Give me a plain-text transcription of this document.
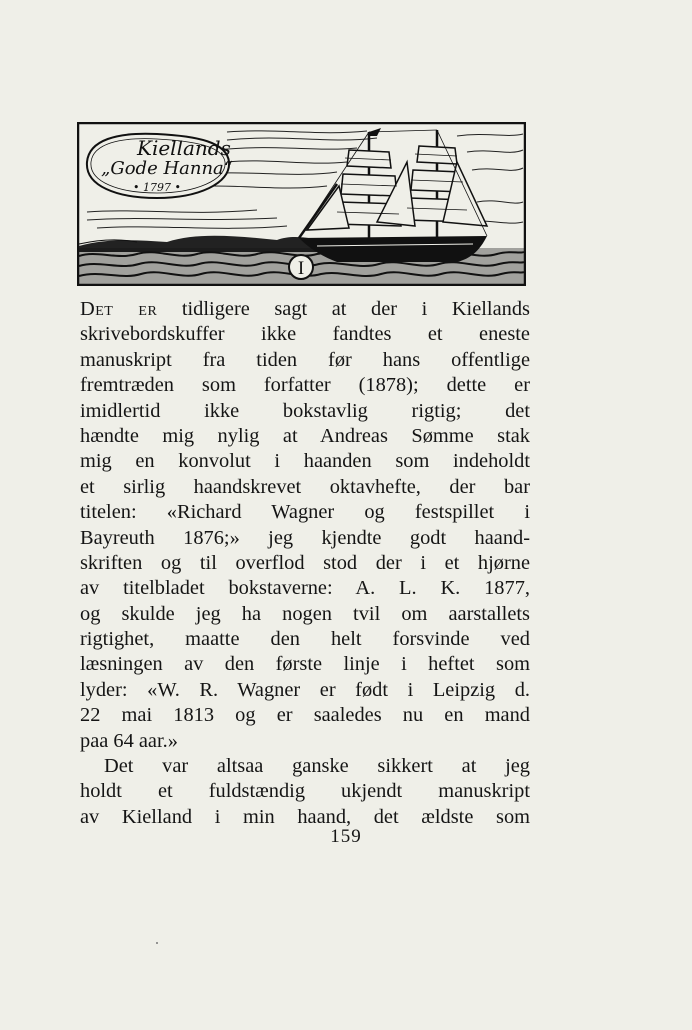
Kiellands
„Gode Hanna“
• 1797 •
I
Det er tidligere sagt at der i Kiellands
skrivebordskuffer ikke fandtes et eneste
manuskript fra tiden før hans offentlige
fremtræden som forfatter (1878); dette er
imidlertid ikke bokstavlig rigtig; det
hændte mig nylig at Andreas Sømme stak
mig en konvolut i haanden som indeholdt
et sirlig haandskrevet oktavhefte, der bar
titelen: «Richard Wagner og festspillet i
Bayreuth 1876;» jeg kjendte godt haand-
skriften og til overflod stod der i et hjørne
av titelbladet bokstaverne: A. L. K. 1877,
og skulde jeg ha nogen tvil om aarstallets
rigtighet, maatte den helt forsvinde ved
læsningen av den første linje i heftet som
lyder: «W. R. Wagner er født i Leipzig d.
22 mai 1813 og er saaledes nu en mand
paa 64 aar.»
Det var altsaa ganske sikkert at jeg
holdt et fuldstændig ukjendt manuskript
av Kielland i min haand, det ældste som
159
